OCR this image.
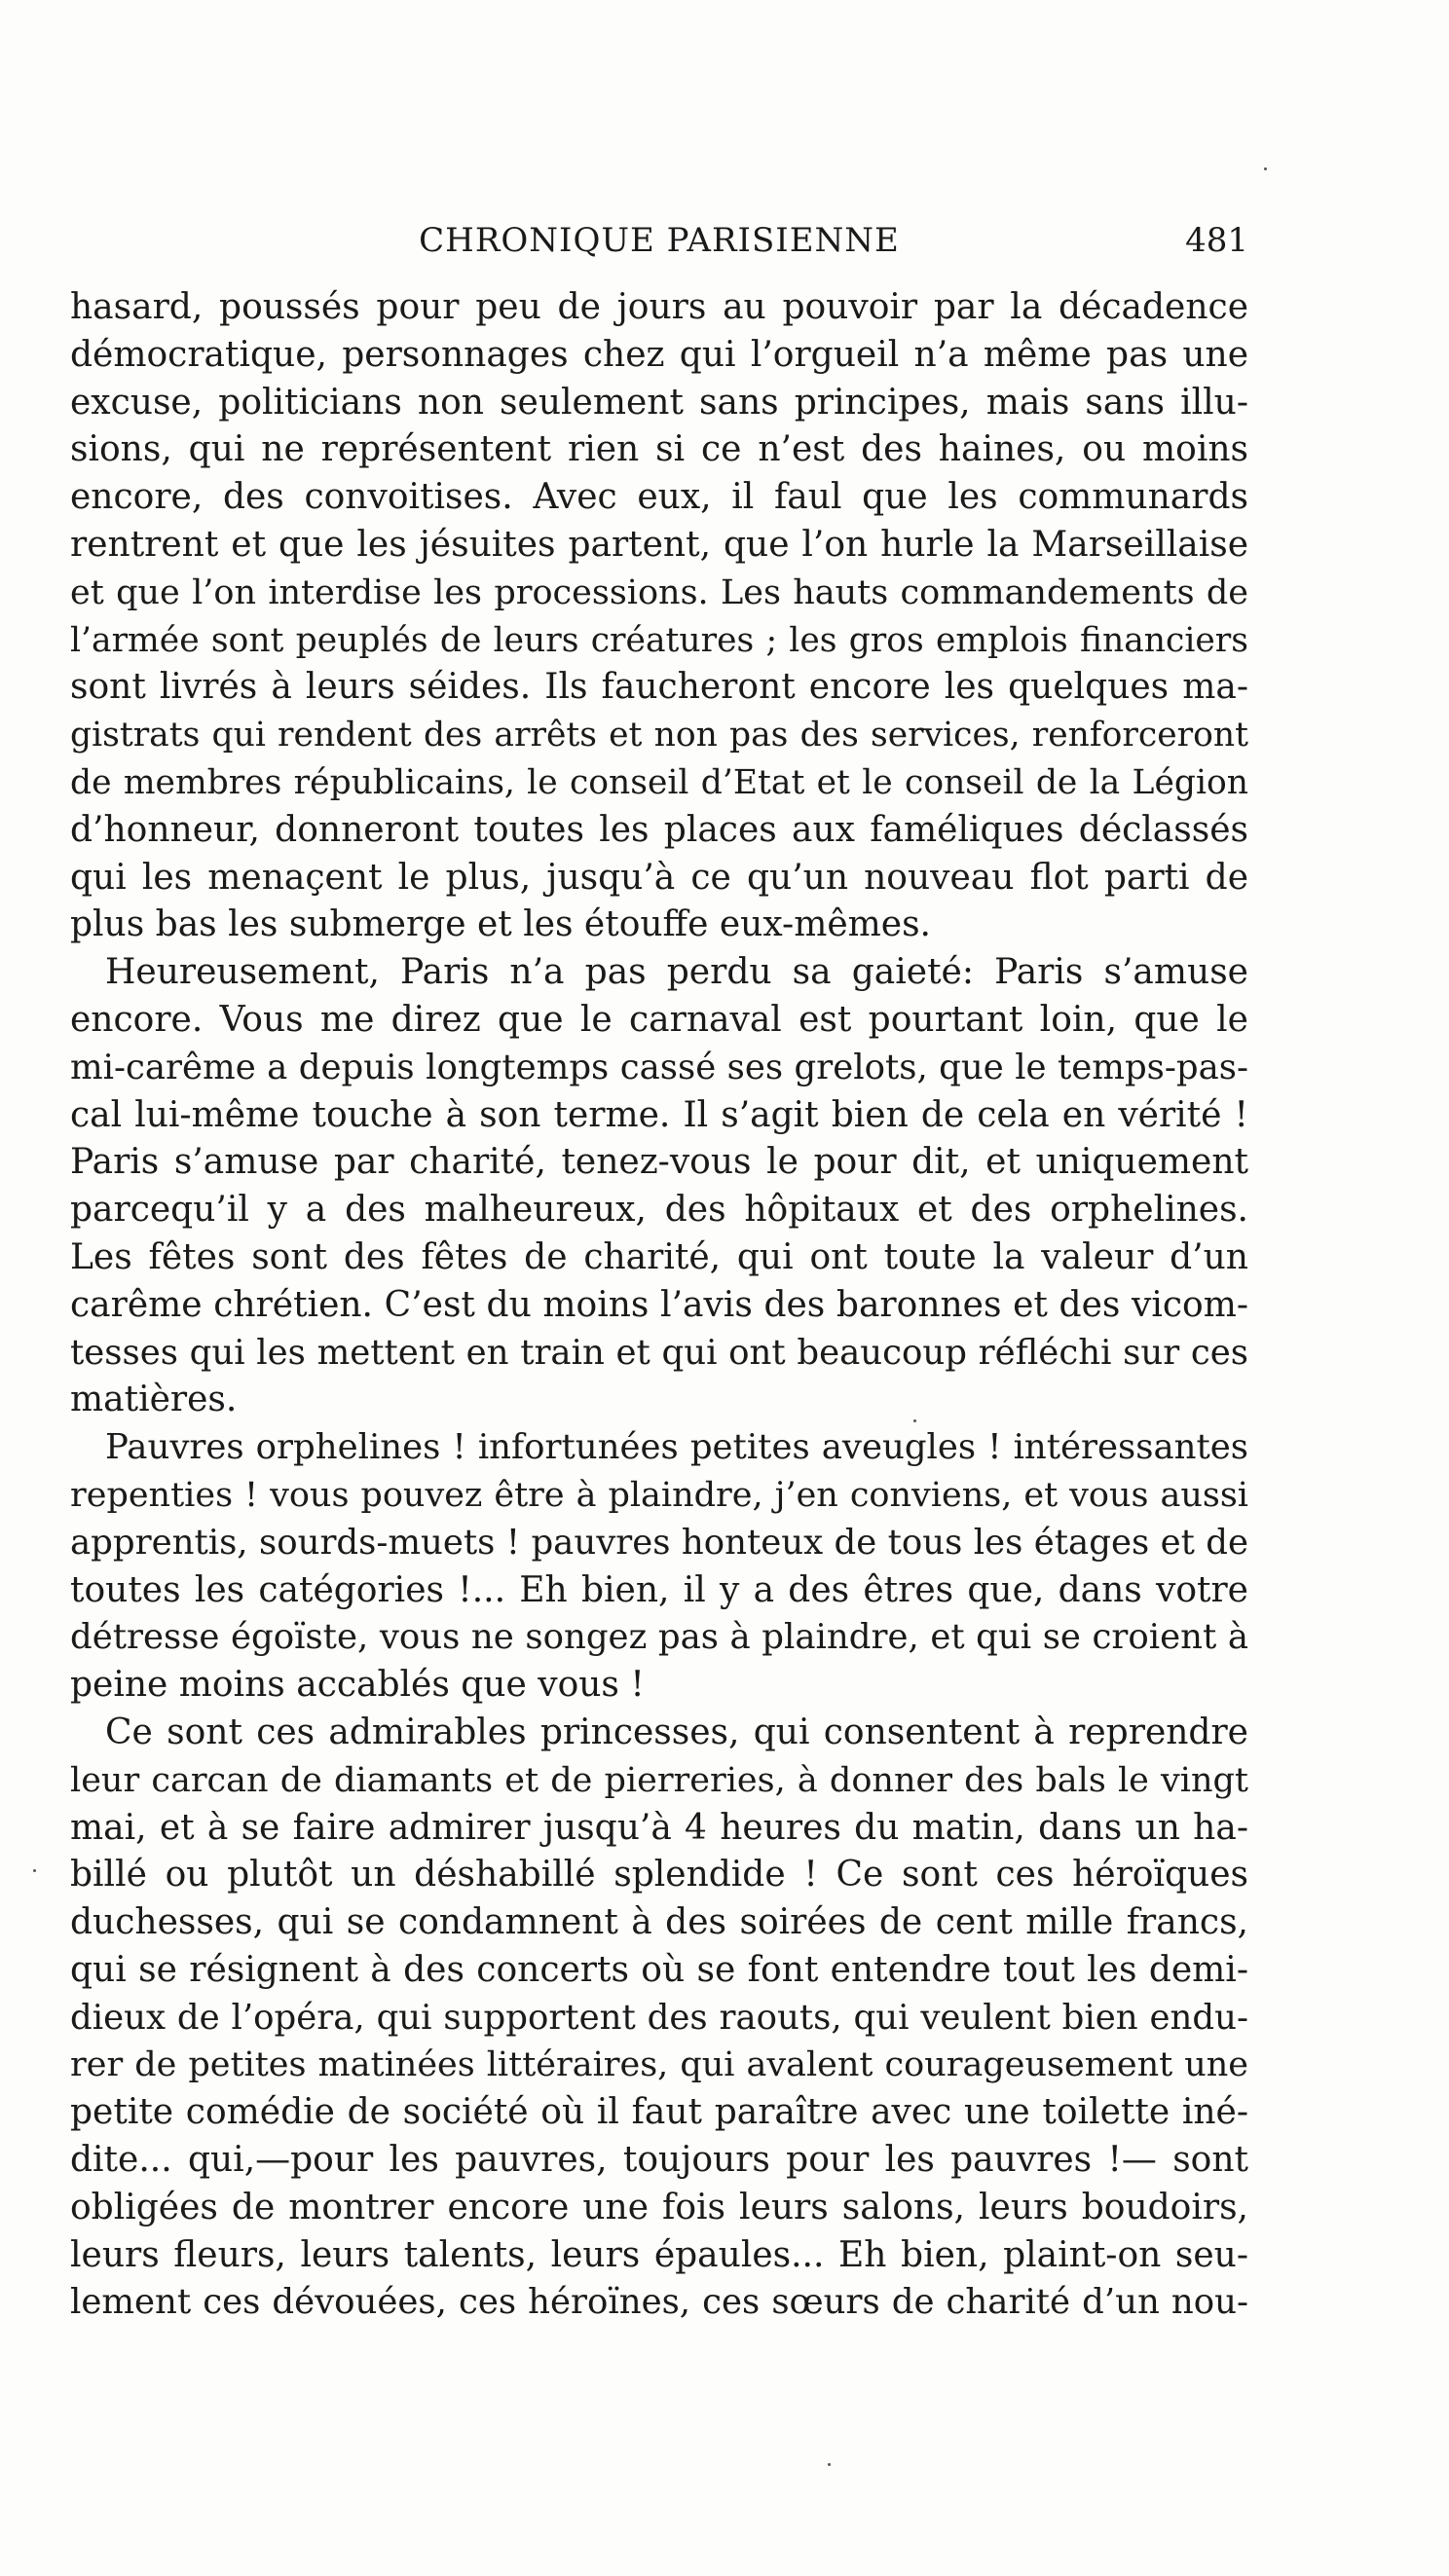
CHRONIQUE PARISIENNE	481
hasard, poussés pour peu de jours au pouvoir par la décadence
démocratique, personnages chez qui l’orgueil n’a même pas une
excuse, politicians non seulement sans principes, mais sans illu-
sions, qui ne représentent rien si ce n’est des haines, ou moins
encore, des convoitises. Avec eux, il faul que les communards
rentrent et que les jésuites partent, que l’on hurle la Marseillaise
et que l’on interdise les processions. Les hauts commandements de
l’armée sont peuplés de leurs créatures ; les gros emplois financiers
sont livrés à leurs séides. Ils faucheront encore les quelques ma-
gistrats qui rendent des arrêts et non pas des services, renforceront
de membres républicains, le conseil d’Etat et le conseil de la Légion
d’honneur, donneront toutes les places aux faméliques déclassés
qui les menaçent le plus, jusqu’à ce qu’un nouveau flot parti de
plus bas les submerge et les étouffe eux-mêmes.
Heureusement, Paris n’a pas perdu sa gaieté: Paris s’amuse
encore. Vous me direz que le carnaval est pourtant loin, que le
mi-carême a depuis longtemps cassé ses grelots, que le temps-pas-
cal lui-même touche à son terme. Il s’agit bien de cela en vérité !
Paris s’amuse par charité, tenez-vous le pour dit, et uniquement
parcequ’il y a des malheureux, des hôpitaux et des orphelines.
Les fêtes sont des fêtes de charité, qui ont toute la valeur d’un
carême chrétien. C’est du moins l’avis des baronnes et des vicom-
tesses qui les mettent en train et qui ont beaucoup réfléchi sur ces
matières.
Pauvres orphelines ! infortunées petites aveugles ! intéressantes
repenties ! vous pouvez être à plaindre, j’en conviens, et vous aussi
apprentis, sourds-muets ! pauvres honteux de tous les étages et de
toutes les catégories !... Eh bien, il y a des êtres que, dans votre
détresse égoïste, vous ne songez pas à plaindre, et qui se croient à
peine moins accablés que vous !
Ce sont ces admirables princesses, qui consentent à reprendre
leur carcan de diamants et de pierreries, à donner des bals le vingt
mai, et à se faire admirer jusqu’à 4 heures du matin, dans un ha-
billé ou plutôt un déshabillé splendide ! Ce sont ces héroïques
duchesses, qui se condamnent à des soirées de cent mille francs,
qui se résignent à des concerts où se font entendre tout les demi-
dieux de l’opéra, qui supportent des raouts, qui veulent bien endu-
rer de petites matinées littéraires, qui avalent courageusement une
petite comédie de société où il faut paraître avec une toilette iné-
dite... qui,—pour les pauvres, toujours pour les pauvres !— sont
obligées de montrer encore une fois leurs salons, leurs boudoirs,
leurs fleurs, leurs talents, leurs épaules... Eh bien, plaint-on seu-
lement ces dévouées, ces héroïnes, ces sœurs de charité d’un nou-
